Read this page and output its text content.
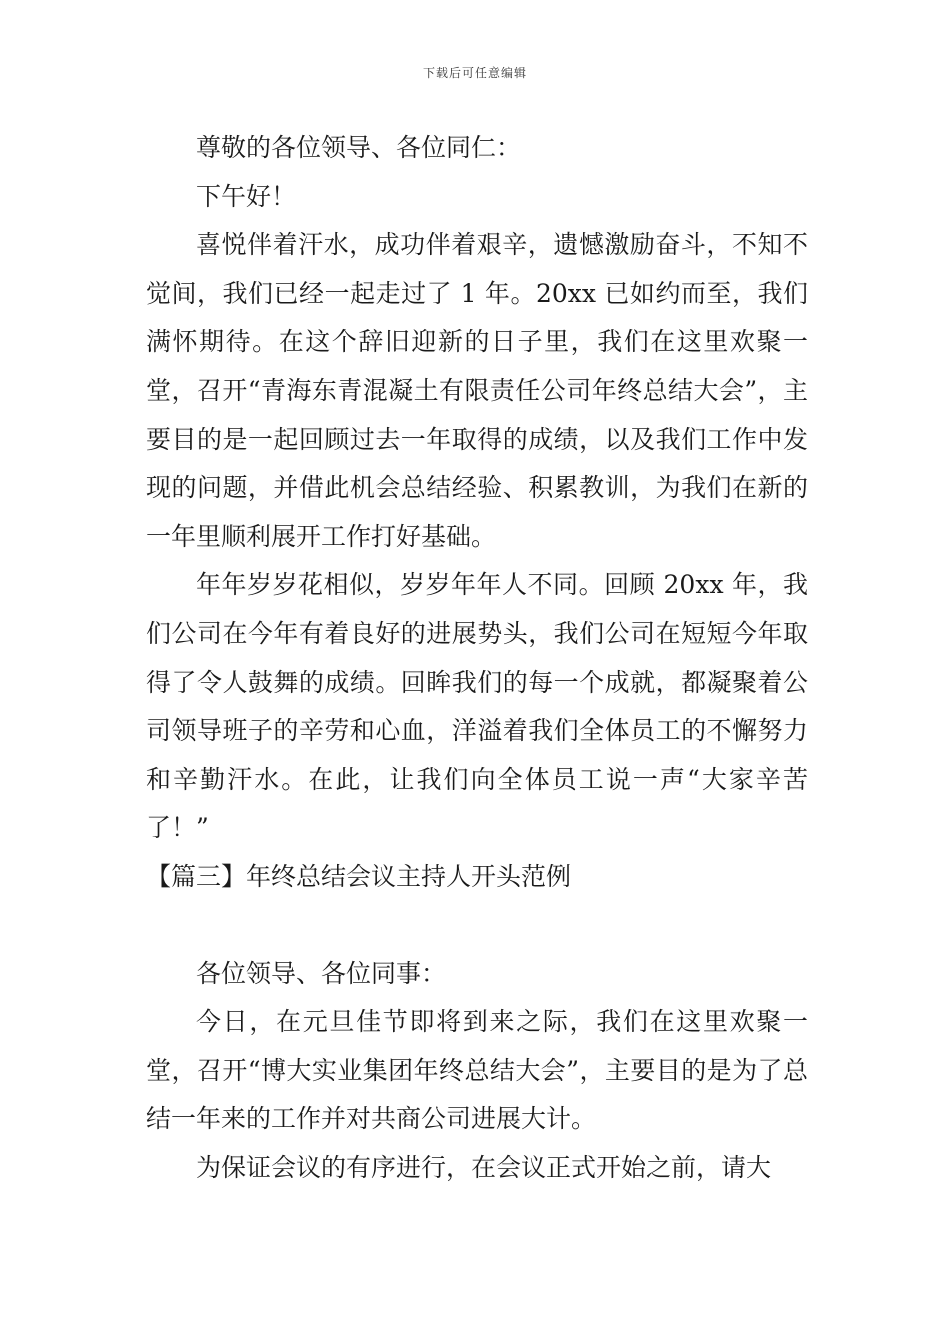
下载后可任意编辑

尊敬的各位领导、各位同仁：

下午好！

喜悦伴着汗水，成功伴着艰辛，遗憾激励奋斗，不知不觉间，我们已经一起走过了 1 年。20xx 已如约而至，我们满怀期待。在这个辞旧迎新的日子里，我们在这里欢聚一堂，召开“青海东青混凝土有限责任公司年终总结大会”，主要目的是一起回顾过去一年取得的成绩，以及我们工作中发现的问题，并借此机会总结经验、积累教训，为我们在新的一年里顺利展开工作打好基础。

年年岁岁花相似，岁岁年年人不同。回顾 20xx 年，我们公司在今年有着良好的进展势头，我们公司在短短今年取得了令人鼓舞的成绩。回眸我们的每一个成就，都凝聚着公司领导班子的辛劳和心血，洋溢着我们全体员工的不懈努力和辛勤汗水。在此，让我们向全体员工说一声“大家辛苦了！”

【篇三】年终总结会议主持人开头范例

各位领导、各位同事：

今日，在元旦佳节即将到来之际，我们在这里欢聚一堂，召开“博大实业集团年终总结大会”，主要目的是为了总结一年来的工作并对共商公司进展大计。

为保证会议的有序进行，在会议正式开始之前，请大
